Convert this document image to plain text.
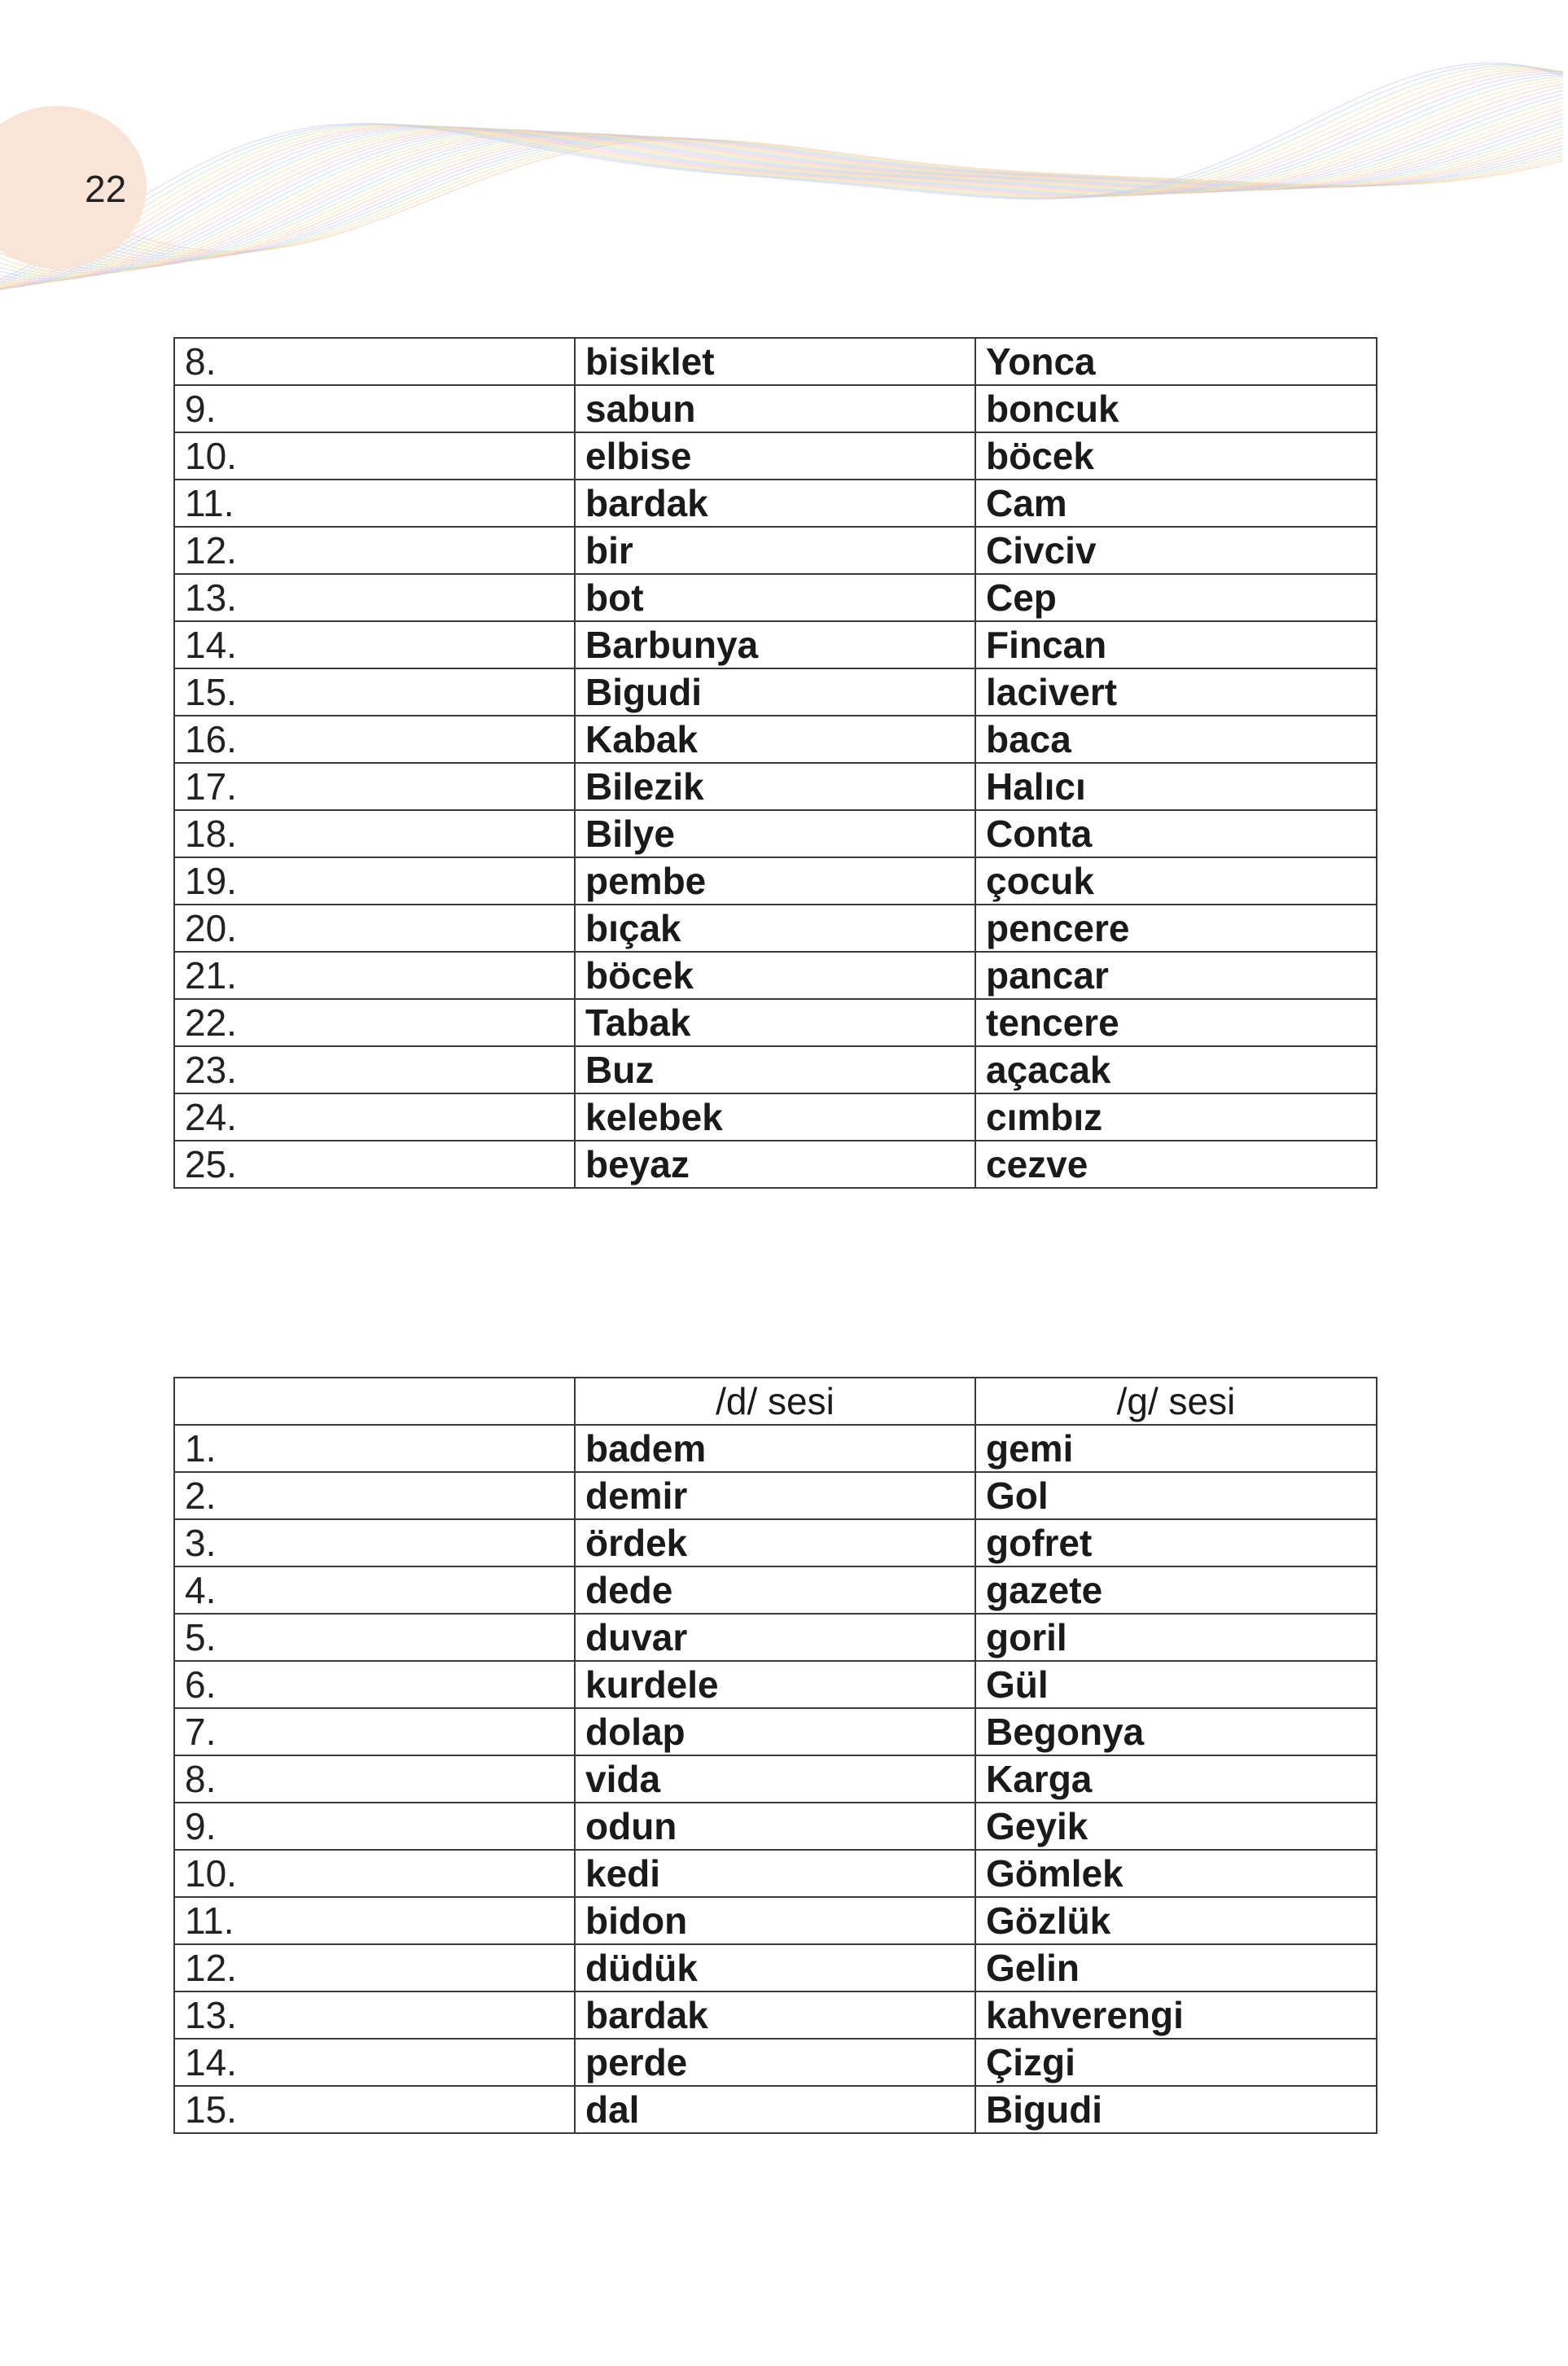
22
8.	bisiklet	Yonca
9.	sabun	boncuk
10.	elbise	böcek
11.	bardak	Cam
12.	bir	Civciv
13.	bot	Cep
14.	Barbunya	Fincan
15.	Bigudi	lacivert
16.	Kabak	baca
17.	Bilezik	Halıcı
18.	Bilye	Conta
19.	pembe	çocuk
20.	bıçak	pencere
21.	böcek	pancar
22.	Tabak	tencere
23.	Buz	açacak
24.	kelebek	cımbız
25.	beyaz	cezve
	/d/ sesi	/g/ sesi
1.	badem	gemi
2.	demir	Gol
3.	ördek	gofret
4.	dede	gazete
5.	duvar	goril
6.	kurdele	Gül
7.	dolap	Begonya
8.	vida	Karga
9.	odun	Geyik
10.	kedi	Gömlek
11.	bidon	Gözlük
12.	düdük	Gelin
13.	bardak	kahverengi
14.	perde	Çizgi
15.	dal	Bigudi
